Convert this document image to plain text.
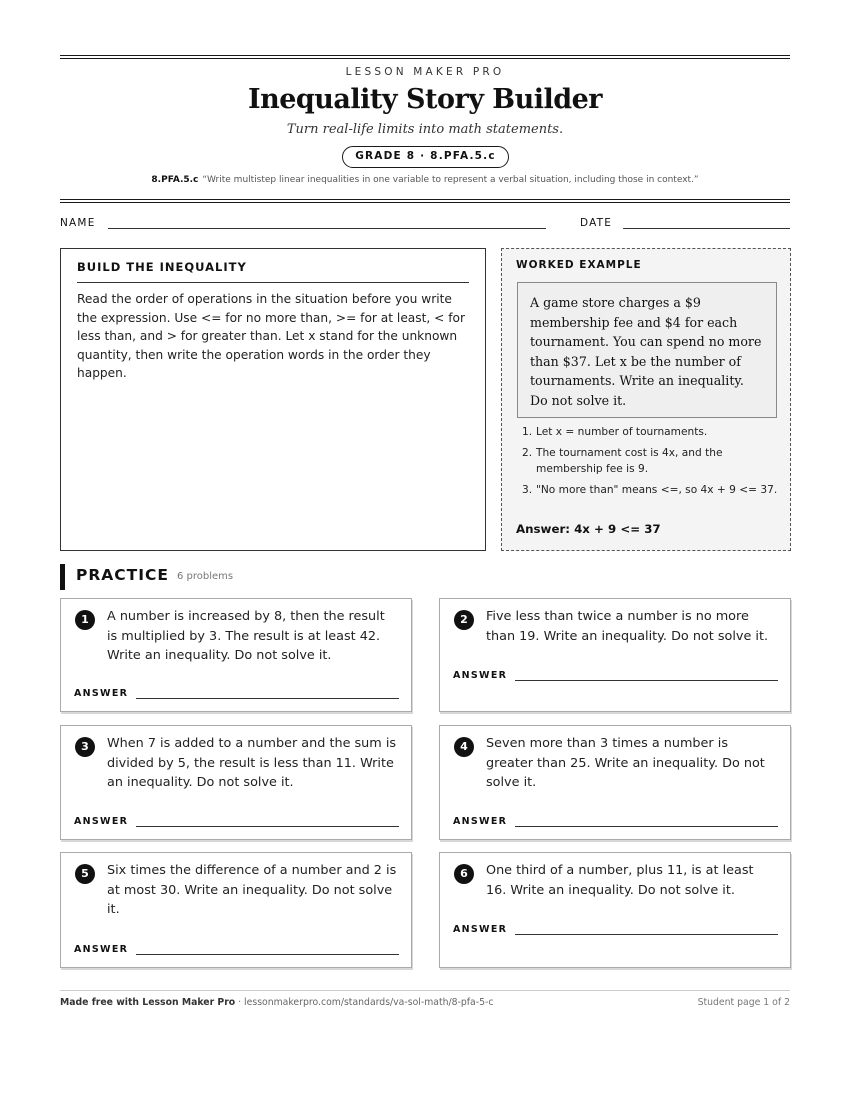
LESSON MAKER PRO
Inequality Story Builder
Turn real-life limits into math statements.
GRADE 8 · 8.PFA.5.c
8.PFA.5.c “Write multistep linear inequalities in one variable to represent a verbal situation, including those in context.”
NAME	DATE
BUILD THE INEQUALITY
Read the order of operations in the situation before you write the expression. Use <= for no more than, >= for at least, < for less than, and > for greater than. Let x stand for the unknown quantity, then write the operation words in the order they happen.
WORKED EXAMPLE
A game store charges a $9 membership fee and $4 for each tournament. You can spend no more than $37. Let x be the number of tournaments. Write an inequality. Do not solve it.
1. Let x = number of tournaments.
2. The tournament cost is 4x, and the membership fee is 9.
3. "No more than" means <=, so 4x + 9 <= 37.
Answer: 4x + 9 <= 37
PRACTICE 6 problems
1	A number is increased by 8, then the result is multiplied by 3. The result is at least 42. Write an inequality. Do not solve it.
ANSWER
2	Five less than twice a number is no more than 19. Write an inequality. Do not solve it.
ANSWER
3	When 7 is added to a number and the sum is divided by 5, the result is less than 11. Write an inequality. Do not solve it.
ANSWER
4	Seven more than 3 times a number is greater than 25. Write an inequality. Do not solve it.
ANSWER
5	Six times the difference of a number and 2 is at most 30. Write an inequality. Do not solve it.
ANSWER
6	One third of a number, plus 11, is at least 16. Write an inequality. Do not solve it.
ANSWER
Made free with Lesson Maker Pro · lessonmakerpro.com/standards/va-sol-math/8-pfa-5-c	Student page 1 of 2
